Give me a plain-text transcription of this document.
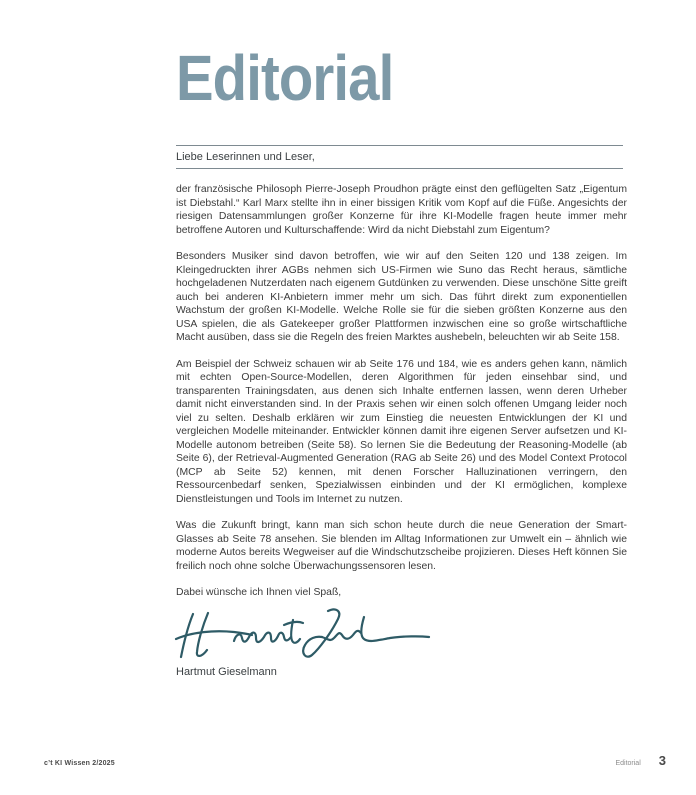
Editorial

Liebe Leserinnen und Leser,

der französische Philosoph Pierre-Joseph Proudhon prägte einst den geflügelten Satz „Eigentum ist Diebstahl.“ Karl Marx stellte ihn in einer bissigen Kritik vom Kopf auf die Füße. Angesichts der riesigen Datensammlungen großer Konzerne für ihre KI-Modelle fragen heute immer mehr betroffene Autoren und Kulturschaffende: Wird da nicht Diebstahl zum Eigentum?

Besonders Musiker sind davon betroffen, wie wir auf den Seiten 120 und 138 zeigen. Im Kleingedruckten ihrer AGBs nehmen sich US-Firmen wie Suno das Recht heraus, sämtliche hochgeladenen Nutzerdaten nach eigenem Gutdünken zu verwenden. Diese unschöne Sitte greift auch bei anderen KI-Anbietern immer mehr um sich. Das führt direkt zum exponentiellen Wachstum der großen KI-Modelle. Welche Rolle sie für die sieben größten Konzerne aus den USA spielen, die als Gatekeeper großer Plattformen inzwischen eine so große wirtschaftliche Macht ausüben, dass sie die Regeln des freien Marktes aushebeln, beleuchten wir ab Seite 158.

Am Beispiel der Schweiz schauen wir ab Seite 176 und 184, wie es anders gehen kann, nämlich mit echten Open-Source-Modellen, deren Algorithmen für jeden einsehbar sind, und transparenten Trainingsdaten, aus denen sich Inhalte entfernen lassen, wenn deren Urheber damit nicht einverstanden sind. In der Praxis sehen wir einen solch offenen Umgang leider noch viel zu selten. Deshalb erklären wir zum Einstieg die neuesten Entwicklungen der KI und vergleichen Modelle miteinander. Entwickler können damit ihre eigenen Server aufsetzen und KI-Modelle autonom betreiben (Seite 58). So lernen Sie die Bedeutung der Reasoning-Modelle (ab Seite 6), der Retrieval-Augmented Generation (RAG ab Seite 26) und des Model Context Protocol (MCP ab Seite 52) kennen, mit denen Forscher Halluzinationen verringern, den Ressourcenbedarf senken, Spezialwissen einbinden und der KI ermöglichen, komplexe Dienstleistungen und Tools im Internet zu nutzen.

Was die Zukunft bringt, kann man sich schon heute durch die neue Generation der Smart-Glasses ab Seite 78 ansehen. Sie blenden im Alltag Informationen zur Umwelt ein – ähnlich wie moderne Autos bereits Wegweiser auf die Windschutzscheibe projizieren. Dieses Heft können Sie freilich noch ohne solche Überwachungssensoren lesen.

Dabei wünsche ich Ihnen viel Spaß,

Hartmut Gieselmann

c’t KI Wissen 2/2025	Editorial 3
